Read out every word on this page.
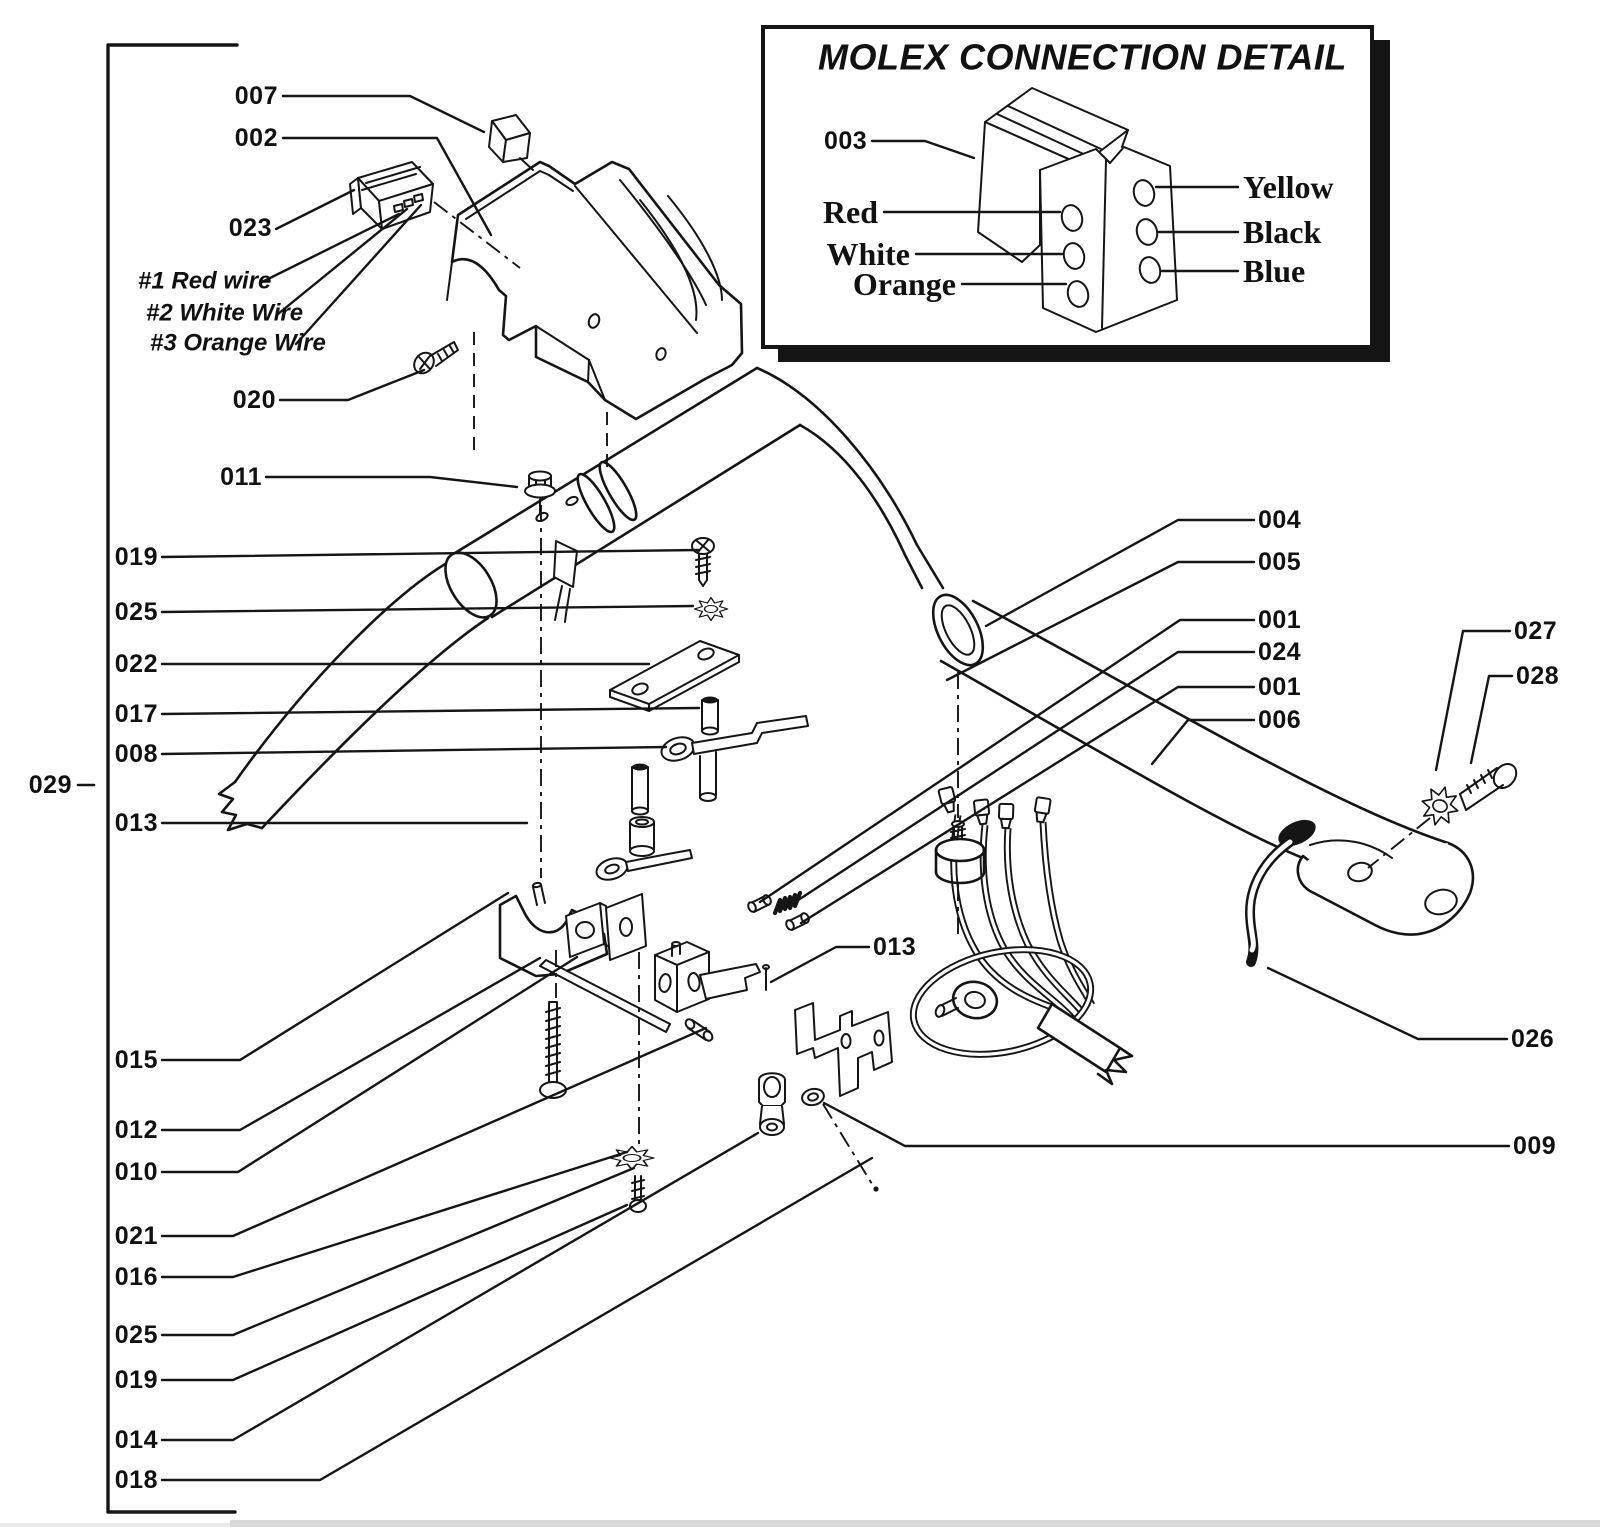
MOLEX CONNECTION DETAIL
003
Red
White
Orange
Yellow
Black
Blue
007
002
023
#1 Red wire
#2 White Wire
#3 Orange Wire
020
011
019
025
022
017
008
029
013
015
012
010
021
016
025
019
014
018
004
005
001
024
001
006
027
028
013
026
009
